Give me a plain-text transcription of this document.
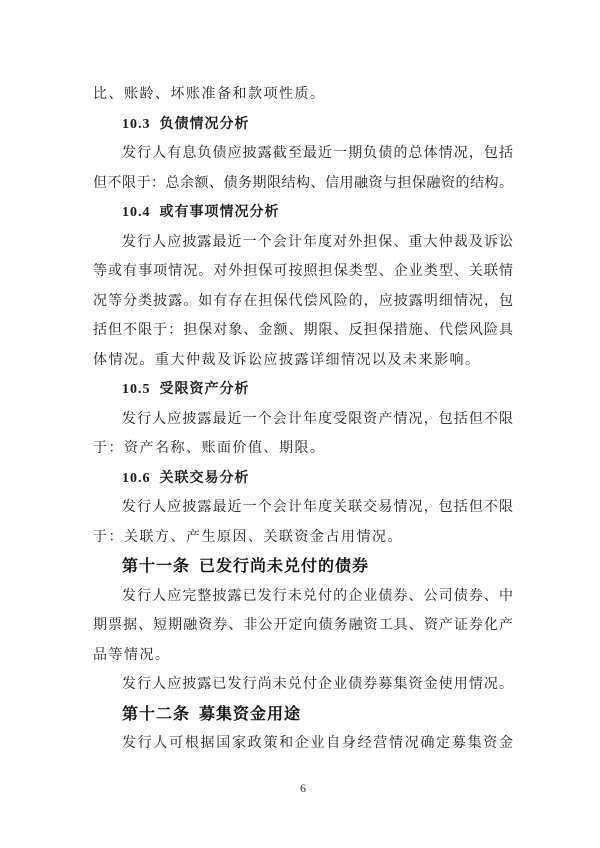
比、账龄、坏账准备和款项性质。
10.3 负债情况分析
发行人有息负债应披露截至最近一期负债的总体情况，包括
但不限于：总余额、债务期限结构、信用融资与担保融资的结构。
10.4 或有事项情况分析
发行人应披露最近一个会计年度对外担保、重大仲裁及诉讼
等或有事项情况。对外担保可按照担保类型、企业类型、关联情
况等分类披露。如有存在担保代偿风险的，应披露明细情况，包
括但不限于：担保对象、金额、期限、反担保措施、代偿风险具
体情况。重大仲裁及诉讼应披露详细情况以及未来影响。
10.5 受限资产分析
发行人应披露最近一个会计年度受限资产情况，包括但不限
于：资产名称、账面价值、期限。
10.6 关联交易分析
发行人应披露最近一个会计年度关联交易情况，包括但不限
于：关联方、产生原因、关联资金占用情况。
第十一条 已发行尚未兑付的债券
发行人应完整披露已发行未兑付的企业债券、公司债券、中
期票据、短期融资券、非公开定向债务融资工具、资产证券化产
品等情况。
发行人应披露已发行尚未兑付企业债券募集资金使用情况。
第十二条 募集资金用途
发行人可根据国家政策和企业自身经营情况确定募集资金
6
